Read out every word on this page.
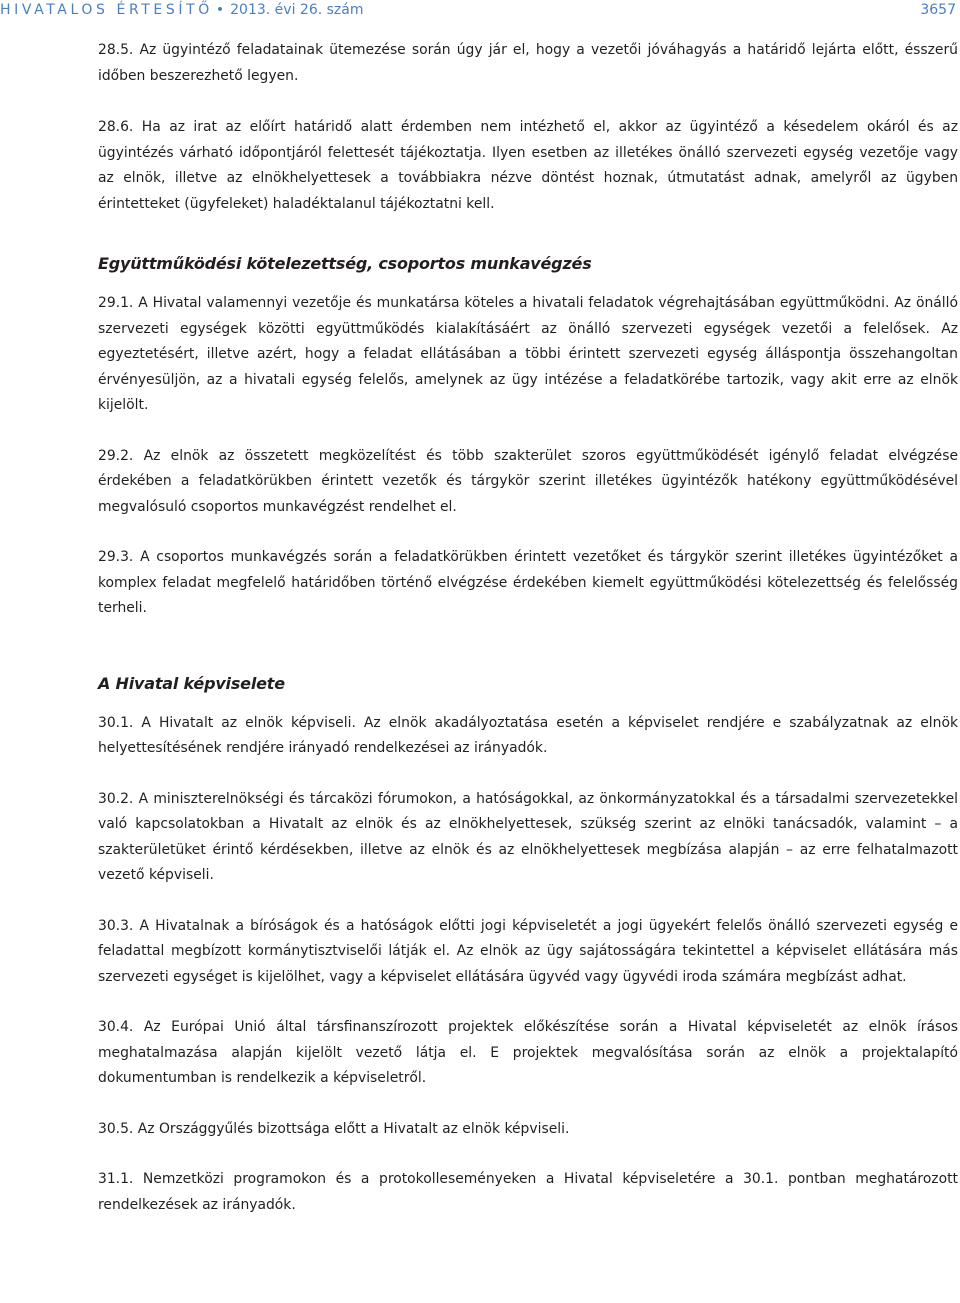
HIVATALOS ÉRTESÍTŐ • 2013. évi 26. szám	3657

28.5. Az ügyintéző feladatainak ütemezése során úgy jár el, hogy a vezetői jóváhagyás a határidő lejárta előtt, ésszerű időben beszerezhető legyen.

28.6. Ha az irat az előírt határidő alatt érdemben nem intézhető el, akkor az ügyintéző a késedelem okáról és az ügyintézés várható időpontjáról felettesét tájékoztatja. Ilyen esetben az illetékes önálló szervezeti egység vezetője vagy az elnök, illetve az elnökhelyettesek a továbbiakra nézve döntést hoznak, útmutatást adnak, amelyről az ügyben érintetteket (ügyfeleket) haladéktalanul tájékoztatni kell.

Együttműködési kötelezettség, csoportos munkavégzés

29.1. A Hivatal valamennyi vezetője és munkatársa köteles a hivatali feladatok végrehajtásában együttműködni. Az önálló szervezeti egységek közötti együttműködés kialakításáért az önálló szervezeti egységek vezetői a felelősek. Az egyeztetésért, illetve azért, hogy a feladat ellátásában a többi érintett szervezeti egység álláspontja összehangoltan érvényesüljön, az a hivatali egység felelős, amelynek az ügy intézése a feladatkörébe tartozik, vagy akit erre az elnök kijelölt.

29.2. Az elnök az összetett megközelítést és több szakterület szoros együttműködését igénylő feladat elvégzése érdekében a feladatkörükben érintett vezetők és tárgykör szerint illetékes ügyintézők hatékony együttműködésével megvalósuló csoportos munkavégzést rendelhet el.

29.3. A csoportos munkavégzés során a feladatkörükben érintett vezetőket és tárgykör szerint illetékes ügyintézőket a komplex feladat megfelelő határidőben történő elvégzése érdekében kiemelt együttműködési kötelezettség és felelősség terheli.

A Hivatal képviselete

30.1. A Hivatalt az elnök képviseli. Az elnök akadályoztatása esetén a képviselet rendjére e szabályzatnak az elnök helyettesítésének rendjére irányadó rendelkezései az irányadók.

30.2. A miniszterelnökségi és tárcaközi fórumokon, a hatóságokkal, az önkormányzatokkal és a társadalmi szervezetekkel való kapcsolatokban a Hivatalt az elnök és az elnökhelyettesek, szükség szerint az elnöki tanácsadók, valamint – a szakterületüket érintő kérdésekben, illetve az elnök és az elnökhelyettesek megbízása alapján – az erre felhatalmazott vezető képviseli.

30.3. A Hivatalnak a bíróságok és a hatóságok előtti jogi képviseletét a jogi ügyekért felelős önálló szervezeti egység e feladattal megbízott kormánytisztviselői látják el. Az elnök az ügy sajátosságára tekintettel a képviselet ellátására más szervezeti egységet is kijelölhet, vagy a képviselet ellátására ügyvéd vagy ügyvédi iroda számára megbízást adhat.

30.4. Az Európai Unió által társfinanszírozott projektek előkészítése során a Hivatal képviseletét az elnök írásos meghatalmazása alapján kijelölt vezető látja el. E projektek megvalósítása során az elnök a projektalapító dokumentumban is rendelkezik a képviseletről.

30.5. Az Országgyűlés bizottsága előtt a Hivatalt az elnök képviseli.

31.1. Nemzetközi programokon és a protokolleseményeken a Hivatal képviseletére a 30.1. pontban meghatározott rendelkezések az irányadók.
